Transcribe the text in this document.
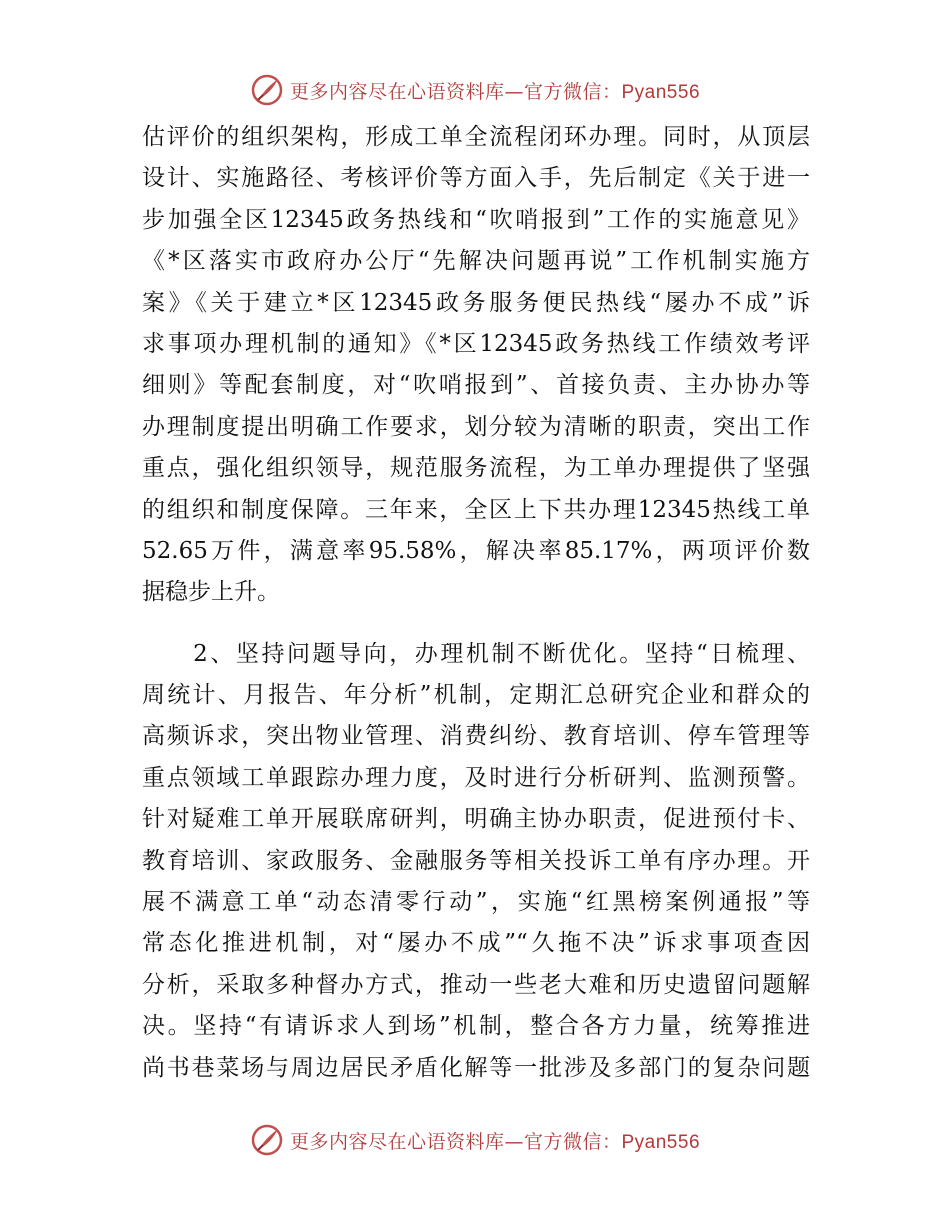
更多内容尽在心语资料库—官方微信：Pyan556
估评价的组织架构，形成工单全流程闭环办理。同时，从顶层
设计、实施路径、考核评价等方面入手，先后制定《关于进一
步加强全区12345政务热线和“吹哨报到”工作的实施意见》
《*区落实市政府办公厅“先解决问题再说”工作机制实施方
案》《关于建立*区12345政务服务便民热线“屡办不成”诉
求事项办理机制的通知》《*区12345政务热线工作绩效考评
细则》等配套制度，对“吹哨报到”、首接负责、主办协办等
办理制度提出明确工作要求，划分较为清晰的职责，突出工作
重点，强化组织领导，规范服务流程，为工单办理提供了坚强
的组织和制度保障。三年来，全区上下共办理12345热线工单
52.65万件，满意率95.58%，解决率85.17%，两项评价数
据稳步上升。
　　2、坚持问题导向，办理机制不断优化。坚持“日梳理、
周统计、月报告、年分析”机制，定期汇总研究企业和群众的
高频诉求，突出物业管理、消费纠纷、教育培训、停车管理等
重点领域工单跟踪办理力度，及时进行分析研判、监测预警。
针对疑难工单开展联席研判，明确主协办职责，促进预付卡、
教育培训、家政服务、金融服务等相关投诉工单有序办理。开
展不满意工单“动态清零行动”，实施“红黑榜案例通报”等
常态化推进机制，对“屡办不成”“久拖不决”诉求事项查因
分析，采取多种督办方式，推动一些老大难和历史遗留问题解
决。坚持“有请诉求人到场”机制，整合各方力量，统筹推进
尚书巷菜场与周边居民矛盾化解等一批涉及多部门的复杂问题
更多内容尽在心语资料库—官方微信：Pyan556
